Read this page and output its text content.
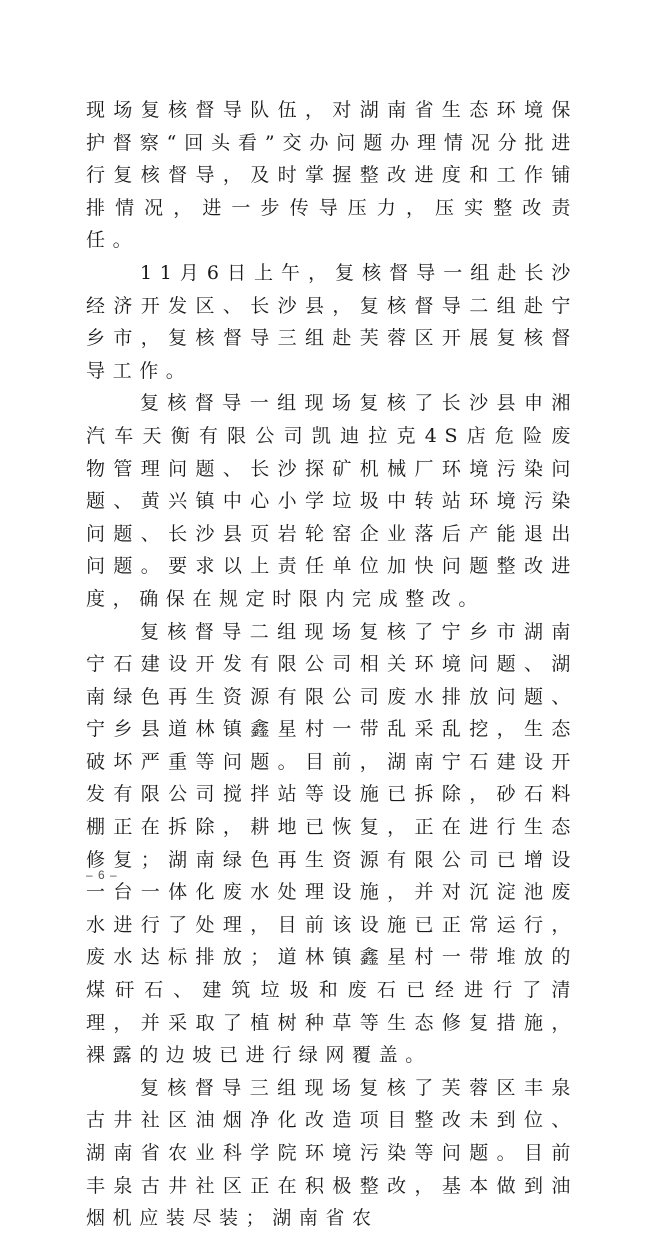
现场复核督导队伍，对湖南省生态环境保护督察“回头看”交办问题办理情况分批进行复核督导，及时掌握整改进度和工作铺排情况，进一步传导压力，压实整改责任。

11月6日上午，复核督导一组赴长沙经济开发区、长沙县，复核督导二组赴宁乡市，复核督导三组赴芙蓉区开展复核督导工作。

复核督导一组现场复核了长沙县申湘汽车天衡有限公司凯迪拉克4S店危险废物管理问题、长沙探矿机械厂环境污染问题、黄兴镇中心小学垃圾中转站环境污染问题、长沙县页岩轮窑企业落后产能退出问题。要求以上责任单位加快问题整改进度，确保在规定时限内完成整改。

复核督导二组现场复核了宁乡市湖南宁石建设开发有限公司相关环境问题、湖南绿色再生资源有限公司废水排放问题、宁乡县道林镇鑫星村一带乱采乱挖，生态破坏严重等问题。目前，湖南宁石建设开发有限公司搅拌站等设施已拆除，砂石料棚正在拆除，耕地已恢复，正在进行生态修复；湖南绿色再生资源有限公司已增设一台一体化废水处理设施，并对沉淀池废水进行了处理，目前该设施已正常运行，废水达标排放；道林镇鑫星村一带堆放的煤矸石、建筑垃圾和废石已经进行了清理，并采取了植树种草等生态修复措施，裸露的边坡已进行绿网覆盖。

复核督导三组现场复核了芙蓉区丰泉古井社区油烟净化改造项目整改未到位、湖南省农业科学院环境污染等问题。目前丰泉古井社区正在积极整改，基本做到油烟机应装尽装；湖南省农

– 6 –
